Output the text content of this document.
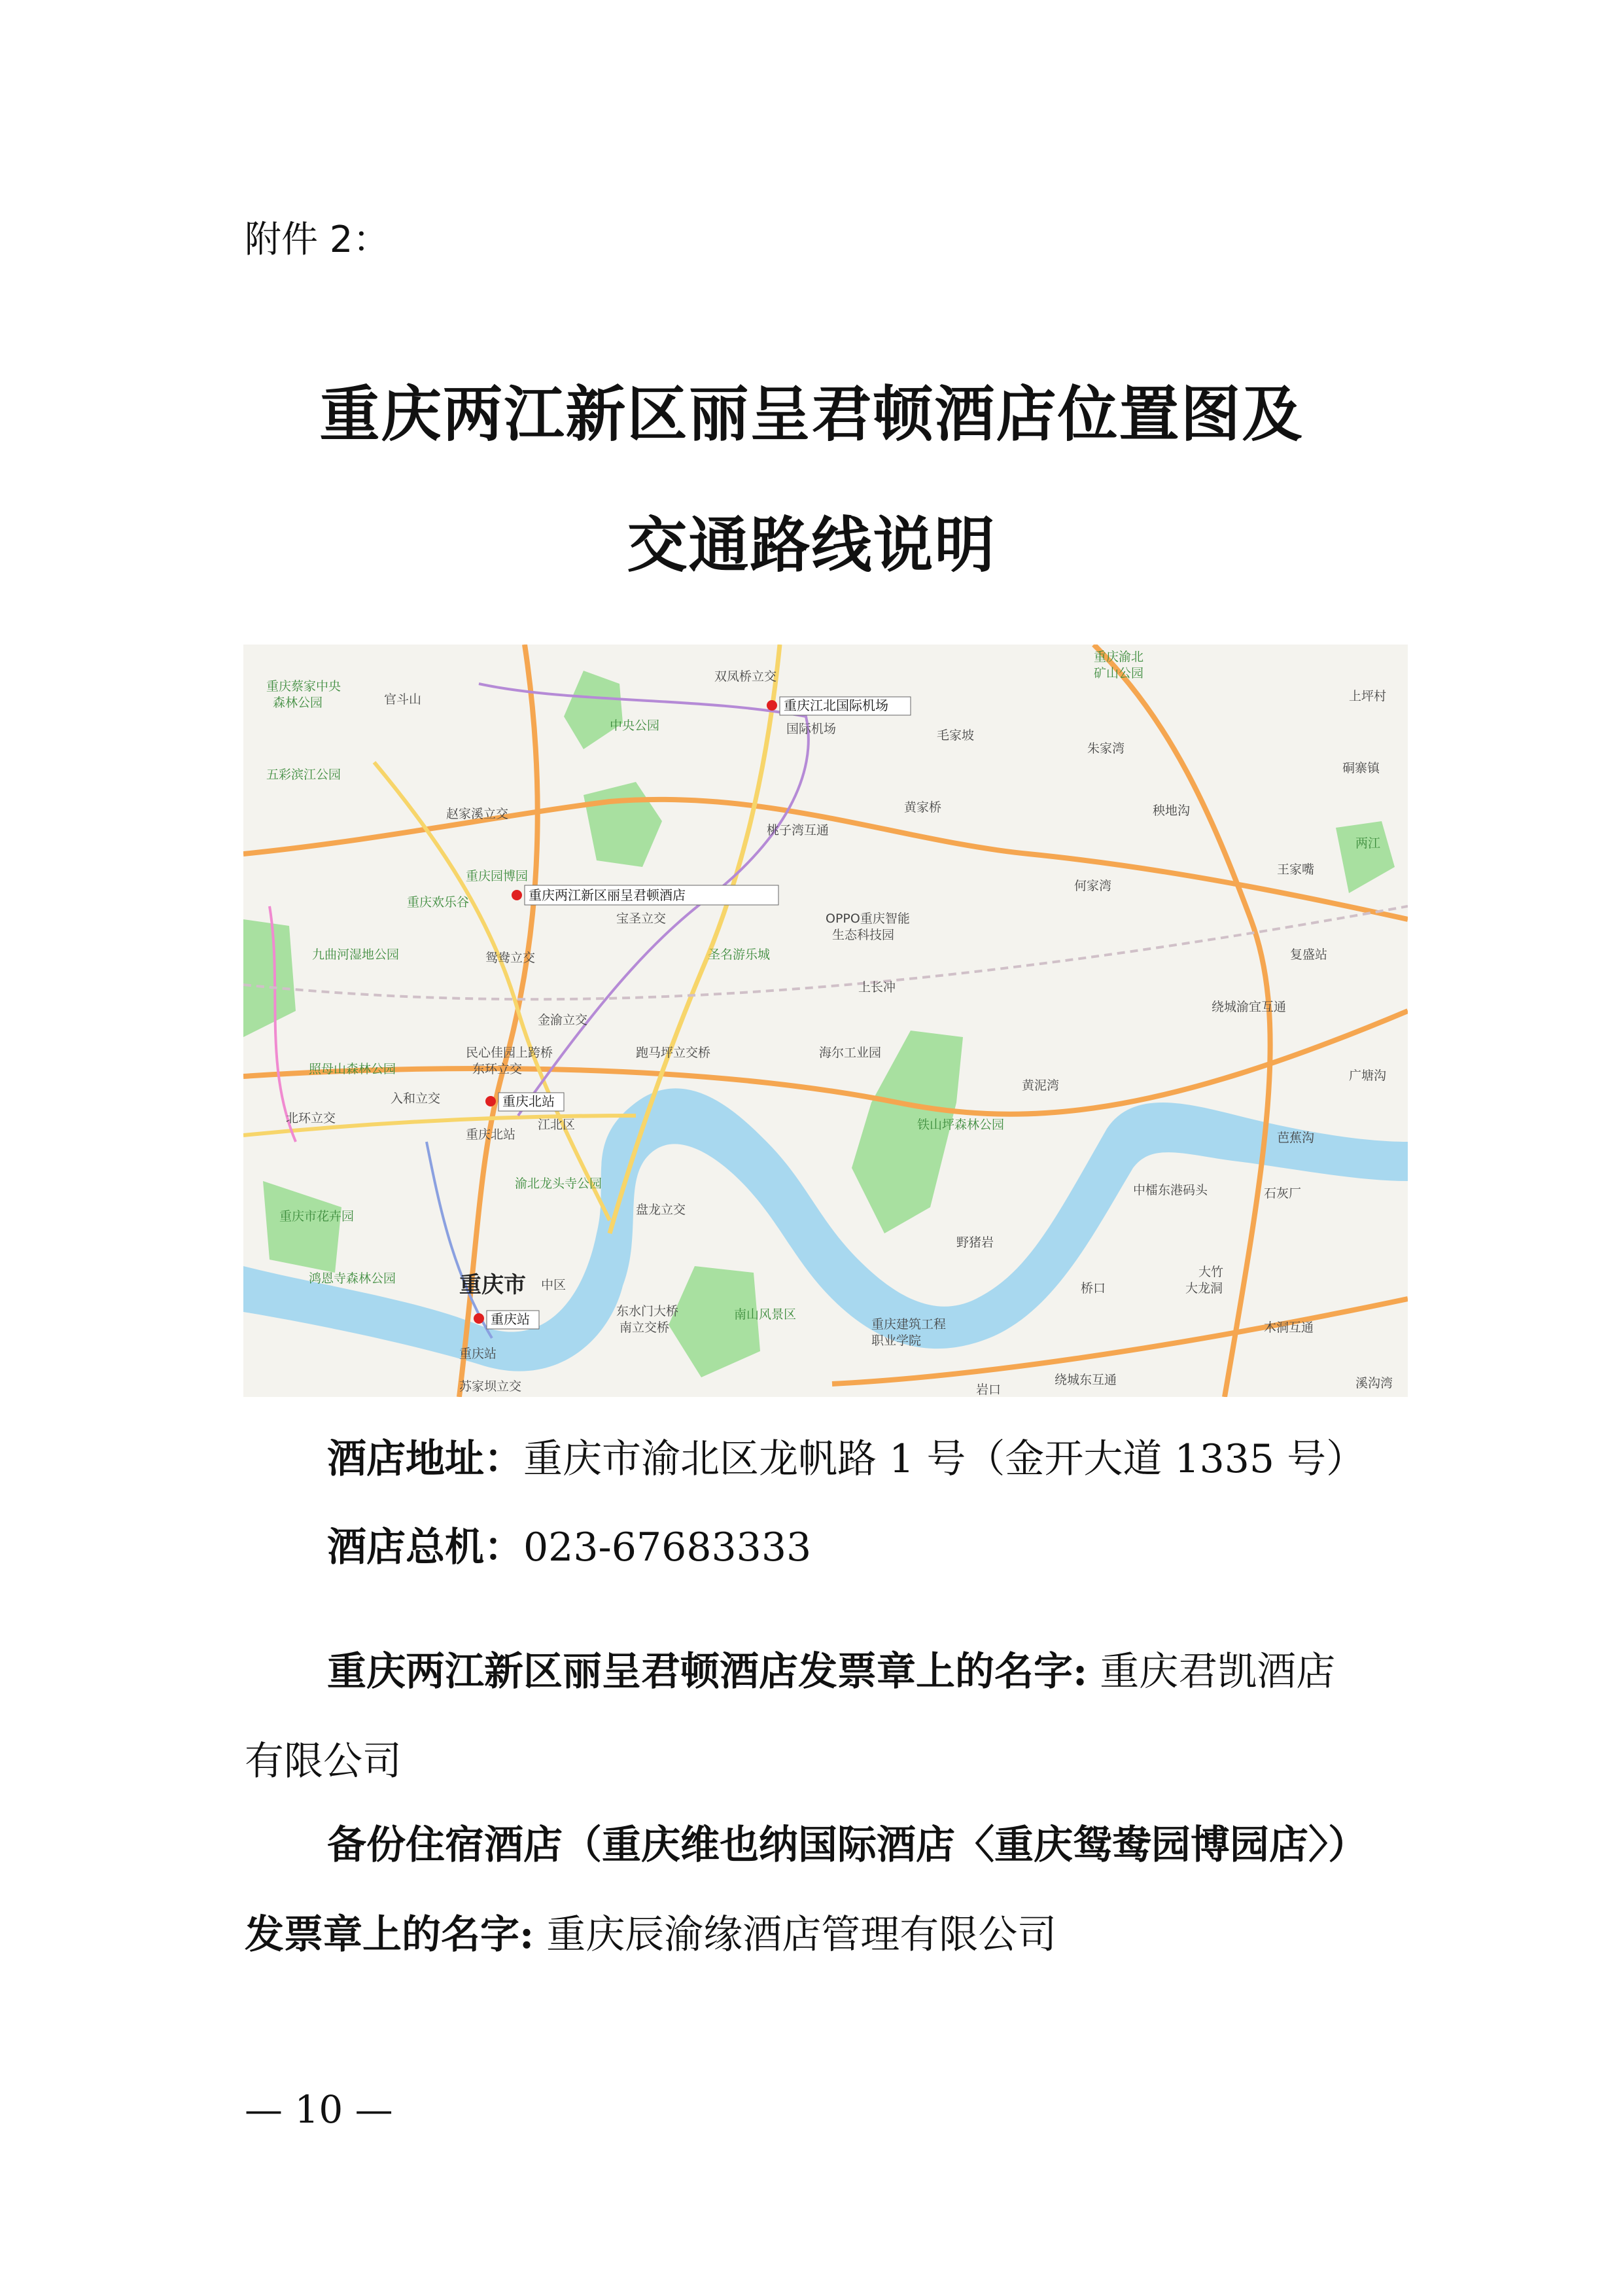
附件 2：
重庆两江新区丽呈君顿酒店位置图及
交通路线说明
重庆两江新区丽呈君顿酒店
重庆江北国际机场
国际机场
重庆北站
重庆北站
重庆站
重庆站
重庆市
重庆蔡家中央
森林公园	官斗山
双凤桥立交
中央公园
五彩滨江公园
赵家溪立交
桃子湾互通
重庆园博园
重庆欢乐谷
宝圣立交	OPPO重庆智能
生态科技园
九曲河湿地公园	鸳鸯立交	圣名游乐城
金渝立交
民心佳园上跨桥
东环立交
跑马坪立交桥	海尔工业园
照母山森林公园
入和立交
北环立交	江北区	铁山坪森林公园
渝北龙头寺公园
重庆市花卉园	盘龙立交
鸿恩寺森林公园
野猪岩
中区
东水门大桥
南立交桥
南山风景区
重庆建筑工程
职业学院
苏家坝立交
重庆渝北
矿山公园
上坪村
毛家坡
朱家湾
黄家桥
复盛站
绕城渝宜互通
两江
王家嘴
何家湾
上长冲
广塘沟
中檑东港码头	石灰厂
木洞互通
绕城东互通
大竹
大龙洞
桥口
溪沟湾
岩口
硐寨镇
黄泥湾
芭蕉沟
秧地沟
酒店地址：重庆市渝北区龙帆路 1 号（金开大道 1335 号）
酒店总机：023-67683333
重庆两江新区丽呈君顿酒店发票章上的名字: 重庆君凯酒店
有限公司
备份住宿酒店（重庆维也纳国际酒店〈重庆鸳鸯园博园店〉）
发票章上的名字: 重庆辰渝缘酒店管理有限公司
— 10 —
